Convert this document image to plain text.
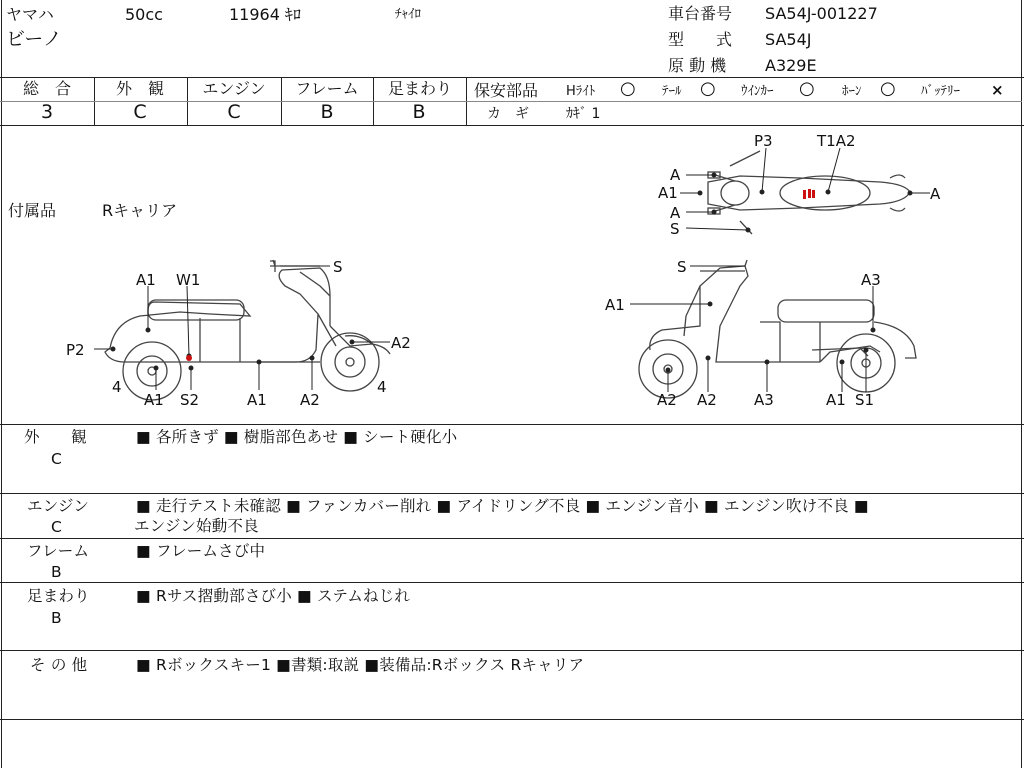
ヤマハ	50cc	11964 ｷﾛ	ﾁｬｲﾛ
ビーノ
車台番号 SA54J-001227
型　　式 SA54J
原 動 機 A329E
総　合	外　観	エンジン	フレーム	足まわり
3	C	C	B	B
保安部品 Hﾗｲﾄ ○ ﾃｰﾙ ○ ｳｲﾝｶｰ ○ ﾎｰﾝ ○ ﾊﾞｯﾃﾘｰ ×
カ　ギ	ｶｷﾞ 1
付属品	Rキャリア
P3	T1A2
A
A1
A
S
A
A1 W1
S
P2	A2
4
A1 S2	A1 A2
4
S
A1
A3
A2 A2 A3	A1 S1
外　　観
C
■ 各所きず ■ 樹脂部色あせ ■ シート硬化小
エンジン
C
■ 走行テスト未確認 ■ ファンカバー削れ ■ アイドリング不良 ■ エンジン音小 ■ エンジン吹け不良 ■
エンジン始動不良
フレーム
B
■ フレームさび中
足まわり
B
■ Rサス摺動部さび小 ■ ステムねじれ
そ の 他	■ Rボックスキー1 ■書類:取説 ■装備品:Rボックス Rキャリア
